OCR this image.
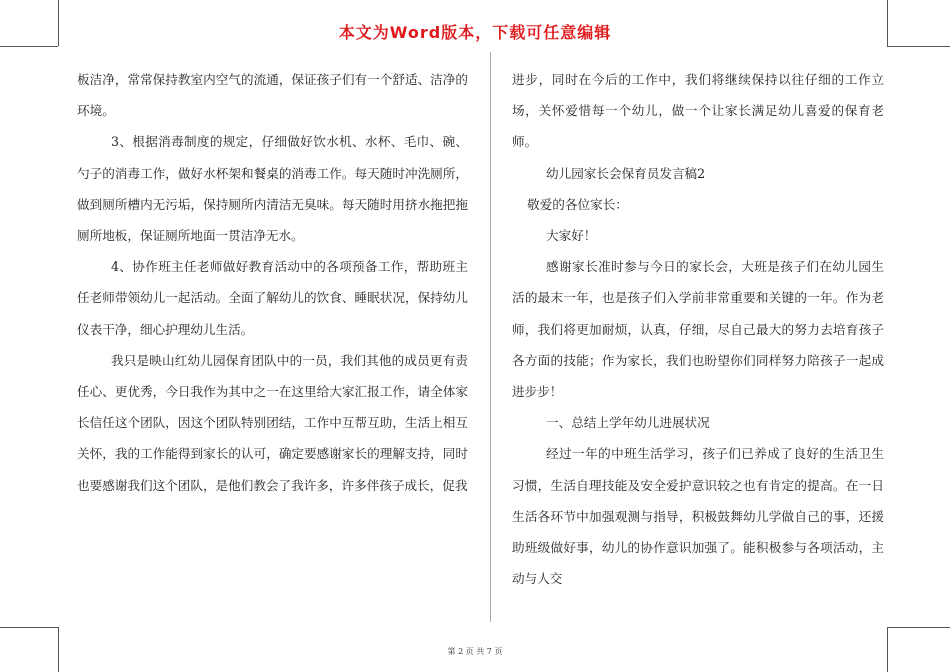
本文为Word版本，下载可任意编辑

板洁净，常常保持教室内空气的流通，保证孩子们有一个舒适、洁净的环境。

3、根据消毒制度的规定，仔细做好饮水机、水杯、毛巾、碗、勺子的消毒工作，做好水杯架和餐桌的消毒工作。每天随时冲洗厕所，做到厕所槽内无污垢，保持厕所内清洁无臭味。每天随时用挤水拖把拖厕所地板，保证厕所地面一贯洁净无水。

4、协作班主任老师做好教育活动中的各项预备工作，帮助班主任老师带领幼儿一起活动。全面了解幼儿的饮食、睡眠状况，保持幼儿仪表干净，细心护理幼儿生活。

我只是映山红幼儿园保育团队中的一员，我们其他的成员更有责任心、更优秀，今日我作为其中之一在这里给大家汇报工作，请全体家长信任这个团队，因这个团队特别团结，工作中互帮互助，生活上相互关怀，我的工作能得到家长的认可，确定要感谢家长的理解支持，同时也要感谢我们这个团队，是他们教会了我许多，许多伴孩子成长，促我

进步，同时在今后的工作中，我们将继续保持以往仔细的工作立场，关怀爱惜每一个幼儿，做一个让家长满足幼儿喜爱的保育老师。

幼儿园家长会保育员发言稿2

敬爱的各位家长：

大家好！

感谢家长准时参与今日的家长会，大班是孩子们在幼儿园生活的最末一年，也是孩子们入学前非常重要和关键的一年。作为老师，我们将更加耐烦，认真，仔细，尽自己最大的努力去培育孩子各方面的技能；作为家长，我们也盼望你们同样努力陪孩子一起成进步步！

一、总结上学年幼儿进展状况

经过一年的中班生活学习，孩子们已养成了良好的生活卫生习惯，生活自理技能及安全爱护意识较之也有肯定的提高。在一日生活各环节中加强观测与指导，积极鼓舞幼儿学做自己的事，还援助班级做好事，幼儿的协作意识加强了。能积极参与各项活动，主动与人交

第 2 页 共 7 页
